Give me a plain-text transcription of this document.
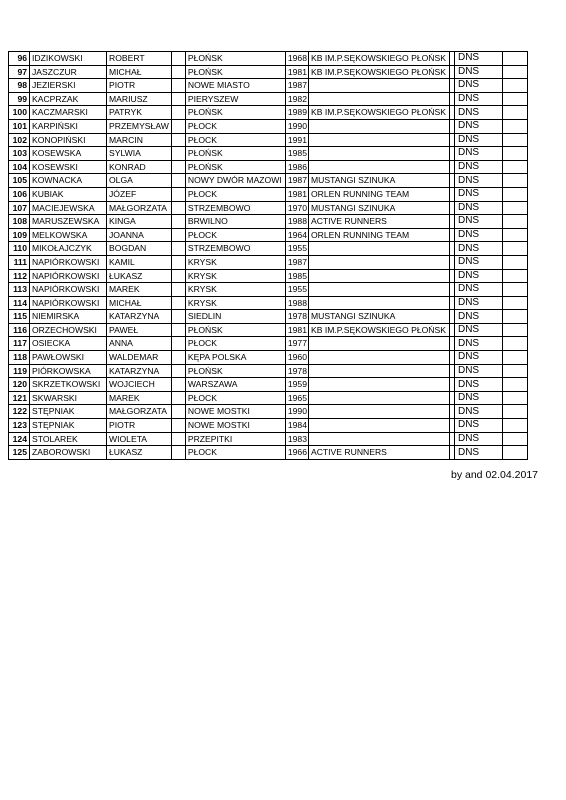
96	IDZIKOWSKI	ROBERT		PŁOŃSK	1968	KB IM.P.SĘKOWSKIEGO PŁOŃSK		DNS	
97	JASZCZUR	MICHAŁ		PŁOŃSK	1981	KB IM.P.SĘKOWSKIEGO PŁOŃSK		DNS	
98	JEZIERSKI	PIOTR		NOWE MIASTO	1987			DNS	
99	KACPRZAK	MARIUSZ		PIERYSZEW	1982			DNS	
100	KACZMARSKI	PATRYK		PŁOŃSK	1989	KB IM.P.SĘKOWSKIEGO PŁOŃSK		DNS	
101	KARPIŃSKI	PRZEMYSŁAW		PŁOCK	1990			DNS	
102	KONOPIŃSKI	MARCIN		PŁOCK	1991			DNS	
103	KOSEWSKA	SYLWIA		PŁOŃSK	1985			DNS	
104	KOSEWSKI	KONRAD		PŁOŃSK	1986			DNS	
105	KOWNACKA	OLGA		NOWY DWÓR MAZOWI	1987	MUSTANGI SZINUKA		DNS	
106	KUBIAK	JÓZEF		PŁOCK	1981	ORLEN RUNNING TEAM		DNS	
107	MACIEJEWSKA	MAŁGORZATA		STRZEMBOWO	1970	MUSTANGI SZINUKA		DNS	
108	MARUSZEWSKA	KINGA		BRWILNO	1988	ACTIVE RUNNERS		DNS	
109	MELKOWSKA	JOANNA		PŁOCK	1964	ORLEN RUNNING TEAM		DNS	
110	MIKOŁAJCZYK	BOGDAN		STRZEMBOWO	1955			DNS	
111	NAPIÓRKOWSKI	KAMIL		KRYSK	1987			DNS	
112	NAPIÓRKOWSKI	ŁUKASZ		KRYSK	1985			DNS	
113	NAPIÓRKOWSKI	MAREK		KRYSK	1955			DNS	
114	NAPIÓRKOWSKI	MICHAŁ		KRYSK	1988			DNS	
115	NIEMIRSKA	KATARZYNA		SIEDLIN	1978	MUSTANGI SZINUKA		DNS	
116	ORZECHOWSKI	PAWEŁ		PŁOŃSK	1981	KB IM.P.SĘKOWSKIEGO PŁOŃSK		DNS	
117	OSIECKA	ANNA		PŁOCK	1977			DNS	
118	PAWŁOWSKI	WALDEMAR		KĘPA POLSKA	1960			DNS	
119	PIÓRKOWSKA	KATARZYNA		PŁOŃSK	1978			DNS	
120	SKRZETKOWSKI	WOJCIECH		WARSZAWA	1959			DNS	
121	SKWARSKI	MAREK		PŁOCK	1965			DNS	
122	STĘPNIAK	MAŁGORZATA		NOWE MOSTKI	1990			DNS	
123	STĘPNIAK	PIOTR		NOWE MOSTKI	1984			DNS	
124	STOLAREK	WIOLETA		PRZEPITKI	1983			DNS	
125	ZABOROWSKI	ŁUKASZ		PŁOCK	1966	ACTIVE RUNNERS		DNS	
by and 02.04.2017
